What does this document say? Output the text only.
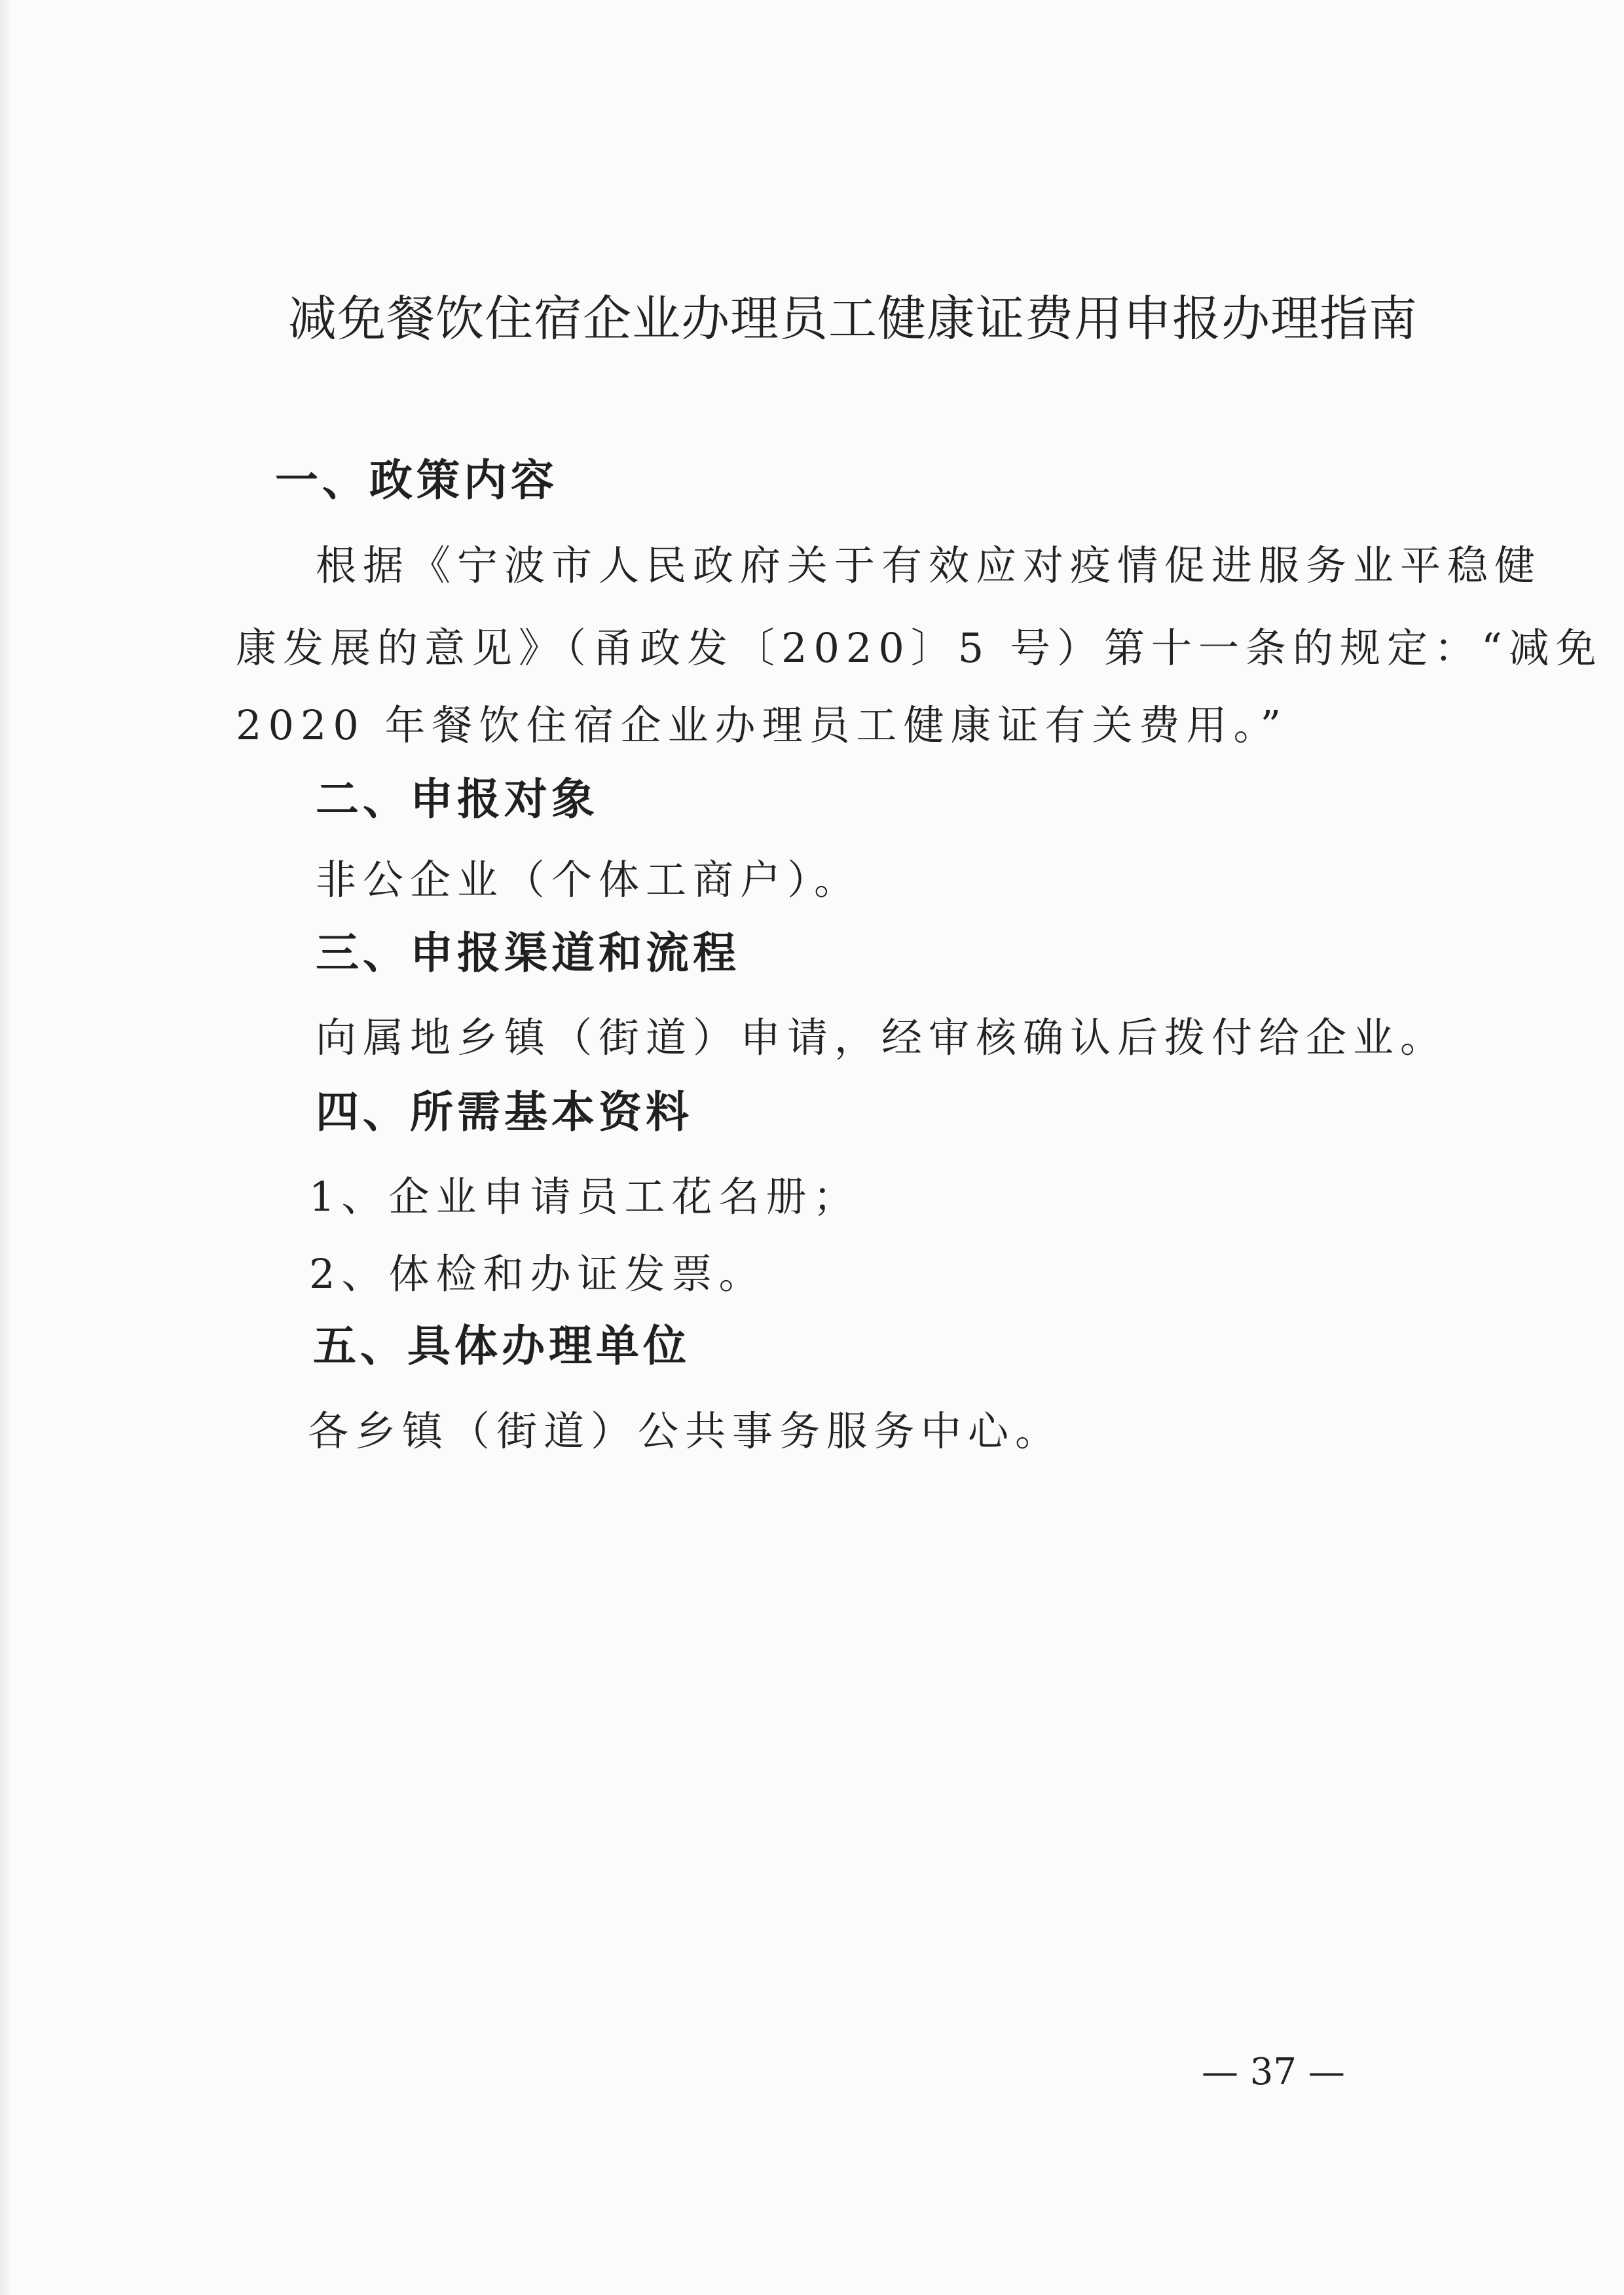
减免餐饮住宿企业办理员工健康证费用申报办理指南
一、政策内容
根据《宁波市人民政府关于有效应对疫情促进服务业平稳健
康发展的意见》（甬政发〔2020〕5 号）第十一条的规定：“减免
2020 年餐饮住宿企业办理员工健康证有关费用。”
二、申报对象
非公企业（个体工商户）。
三、申报渠道和流程
向属地乡镇（街道）申请，经审核确认后拨付给企业。
四、所需基本资料
1、企业申请员工花名册；
2、体检和办证发票。
五、具体办理单位
各乡镇（街道）公共事务服务中心。
— 37 —
